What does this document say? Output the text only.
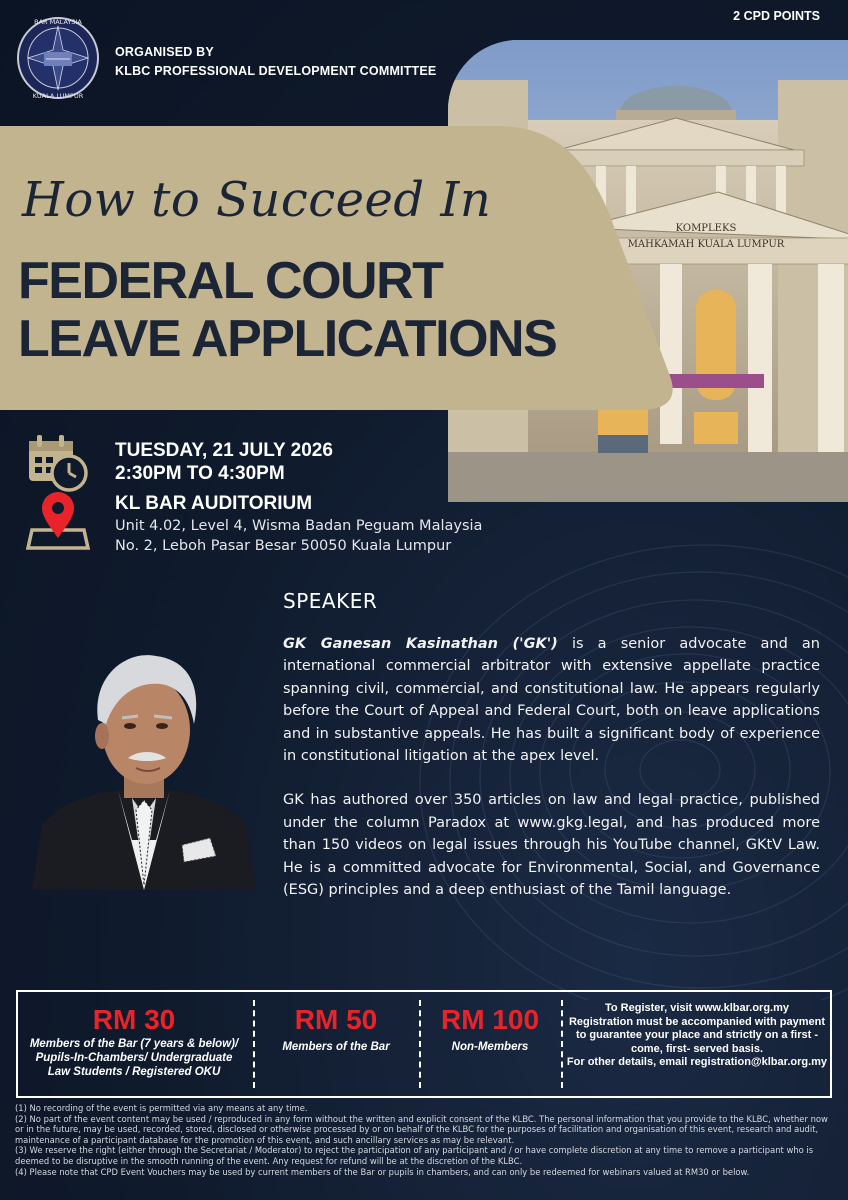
BAR MALAYSIA
KUALA LUMPUR
ORGANISED BY
KLBC PROFESSIONAL DEVELOPMENT COMMITTEE
2 CPD POINTS
KOMPLEKS
MAHKAMAH KUALA LUMPUR
How to Succeed In
FEDERAL COURT
LEAVE APPLICATIONS
TUESDAY, 21 JULY 2026
2:30PM TO 4:30PM
KL BAR AUDITORIUM
Unit 4.02, Level 4, Wisma Badan Peguam Malaysia
No. 2, Leboh Pasar Besar 50050 Kuala Lumpur
SPEAKER

GK Ganesan Kasinathan ('GK') is a senior advocate and an international commercial arbitrator with extensive appellate practice spanning civil, commercial, and constitutional law. He appears regularly before the Court of Appeal and Federal Court, both on leave applications and in substantive appeals. He has built a significant body of experience in constitutional litigation at the apex level.

GK has authored over 350 articles on law and legal practice, published under the column Paradox at www.gkg.legal, and has produced more than 150 videos on legal issues through his YouTube channel, GKtV Law. He is a committed advocate for Environmental, Social, and Governance (ESG) principles and a deep enthusiast of the Tamil language.

RM 30
Members of the Bar (7 years & below)/ Pupils-In-Chambers/ Undergraduate Law Students / Registered OKU
RM 50
Members of the Bar
RM 100
Non-Members
To Register, visit www.klbar.org.my
Registration must be accompanied with payment to guarantee your place and strictly on a first - come, first- served basis.
For other details, email registration@klbar.org.my
(1) No recording of the event is permitted via any means at any time.
(2) No part of the event content may be used / reproduced in any form without the written and explicit consent of the KLBC. The personal information that you provide to the KLBC, whether now or in the future, may be used, recorded, stored, disclosed or otherwise processed by or on behalf of the KLBC for the purposes of facilitation and organisation of this event, research and audit, maintenance of a participant database for the promotion of this event, and such ancillary services as may be relevant.
(3) We reserve the right (either through the Secretariat / Moderator) to reject the participation of any participant and / or have complete discretion at any time to remove a participant who is deemed to be disruptive in the smooth running of the event. Any request for refund will be at the discretion of the KLBC.
(4) Please note that CPD Event Vouchers may be used by current members of the Bar or pupils in chambers, and can only be redeemed for webinars valued at RM30 or below.
